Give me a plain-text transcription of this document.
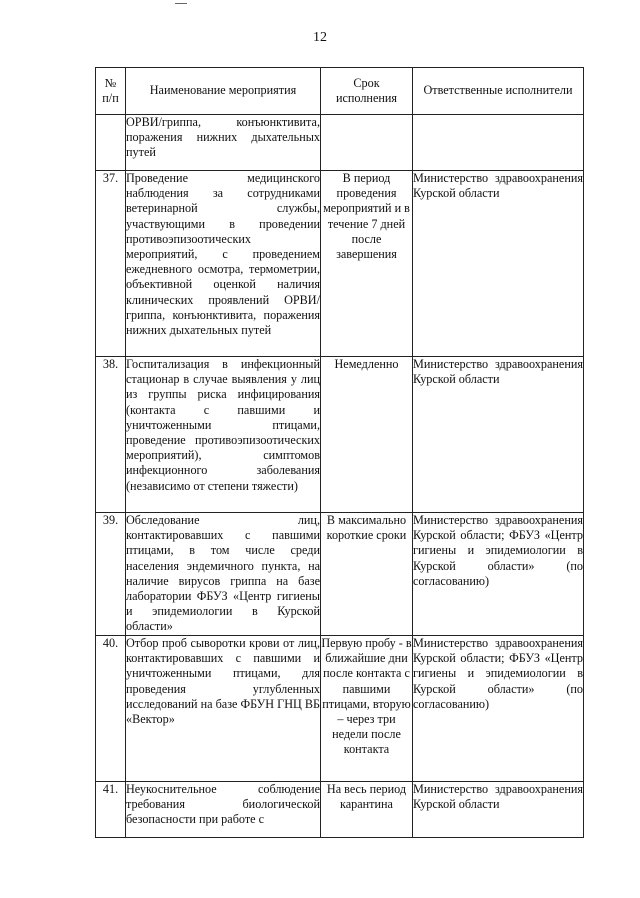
12
№ п/п	Наименование мероприятия	Срок исполнения	Ответственные исполнители
	ОРВИ/гриппа, конъюнктивита, поражения нижних дыхательных путей		
37.	Проведение медицинского наблюдения за сотрудниками ветеринарной службы, участвующими в проведении противоэпизоотических мероприятий, с проведением ежедневного осмотра, термометрии, объективной оценкой наличия клинических проявлений ОРВИ/гриппа, конъюнктивита, поражения нижних дыхательных путей	В период проведения мероприятий и в течение 7 дней после завершения	Министерство здравоохранения Курской области
38.	Госпитализация в инфекционный стационар в случае выявления у лиц из группы риска инфицирования (контакта с павшими и уничтоженными птицами, проведение противоэпизоотических мероприятий), симптомов инфекционного заболевания (независимо от степени тяжести)	Немедленно	Министерство здравоохранения Курской области
39.	Обследование лиц, контактировавших с павшими птицами, в том числе среди населения эндемичного пункта, на наличие вирусов гриппа на базе лаборатории ФБУЗ «Центр гигиены и эпидемиологии в Курской области»	В максимально короткие сроки	Министерство здравоохранения Курской области; ФБУЗ «Центр гигиены и эпидемиологии в Курской области» (по согласованию)
40.	Отбор проб сыворотки крови от лиц, контактировавших с павшими и уничтоженными птицами, для проведения углубленных исследований на базе ФБУН ГНЦ ВБ «Вектор»	Первую пробу - в ближайшие дни после контакта с павшими птицами, вторую – через три недели после контакта	Министерство здравоохранения Курской области; ФБУЗ «Центр гигиены и эпидемиологии в Курской области» (по согласованию)
41.	Неукоснительное соблюдение требования биологической безопасности при работе с	На весь период карантина	Министерство здравоохранения Курской области
